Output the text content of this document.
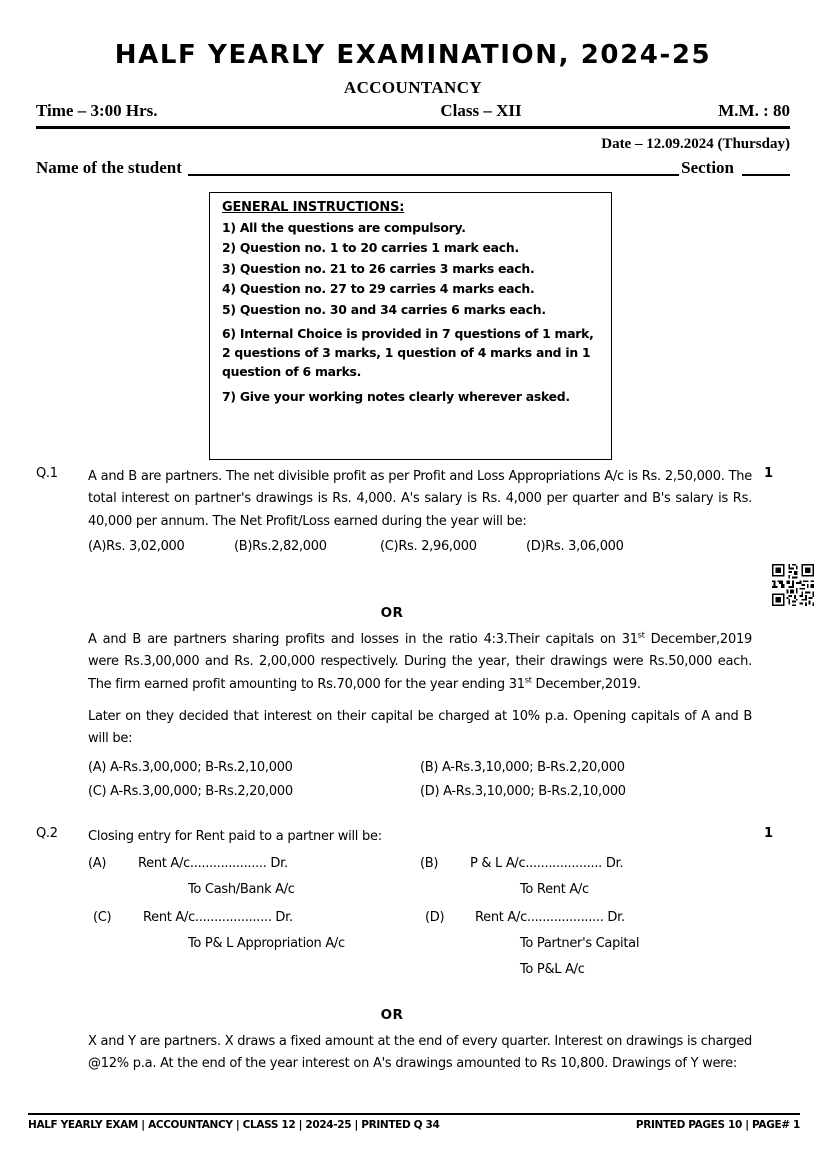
HALF YEARLY EXAMINATION, 2024-25
ACCOUNTANCY
Time – 3:00 Hrs.	Class – XII	M.M. : 80
Date – 12.09.2024 (Thursday)
Name of the student	Section
GENERAL INSTRUCTIONS:
1) All the questions are compulsory.
2) Question no. 1 to 20 carries 1 mark each.
3) Question no. 21 to 26 carries 3 marks each.
4) Question no. 27 to 29 carries 4 marks each.
5) Question no. 30 and 34 carries 6 marks each.
6) Internal Choice is provided in 7 questions of 1 mark, 2 questions of 3 marks, 1 question of 4 marks and in 1 question of 6 marks.
7) Give your working notes clearly wherever asked.
Q.1	A and B are partners. The net divisible profit as per Profit and Loss Appropriations A/c is Rs. 2,50,000. The total interest on partner's drawings is Rs. 4,000. A's salary is Rs. 4,000 per quarter and B's salary is Rs. 40,000 per annum. The Net Profit/Loss earned during the year will be:
(A)Rs. 3,02,000	(B)Rs.2,82,000	(C)Rs. 2,96,000	(D)Rs. 3,06,000
1
OR
A and B are partners sharing profits and losses in the ratio 4:3.Their capitals on 31st December,2019 were Rs.3,00,000 and Rs. 2,00,000 respectively. During the year, their drawings were Rs.50,000 each. The firm earned profit amounting to Rs.70,000 for the year ending 31st December,2019.
Later on they decided that interest on their capital be charged at 10% p.a. Opening capitals of A and B will be:
(A) A-Rs.3,00,000; B-Rs.2,10,000	(B) A-Rs.3,10,000; B-Rs.2,20,000
(C) A-Rs.3,00,000; B-Rs.2,20,000	(D) A-Rs.3,10,000; B-Rs.2,10,000
Q.2	Closing entry for Rent paid to a partner will be:
(A)	Rent A/c.................... Dr.
To Cash/Bank A/c
(B)	P & L A/c.................... Dr.
To Rent A/c
(C)	Rent A/c.................... Dr.
To P& L Appropriation A/c
(D)	Rent A/c.................... Dr.
To Partner's Capital
To P&L A/c
1
OR
X and Y are partners. X draws a fixed amount at the end of every quarter. Interest on drawings is charged @12% p.a. At the end of the year interest on A's drawings amounted to Rs 10,800. Drawings of Y were:
HALF YEARLY EXAM | ACCOUNTANCY | CLASS 12 | 2024-25 | PRINTED Q 34	PRINTED PAGES 10 | PAGE# 1
